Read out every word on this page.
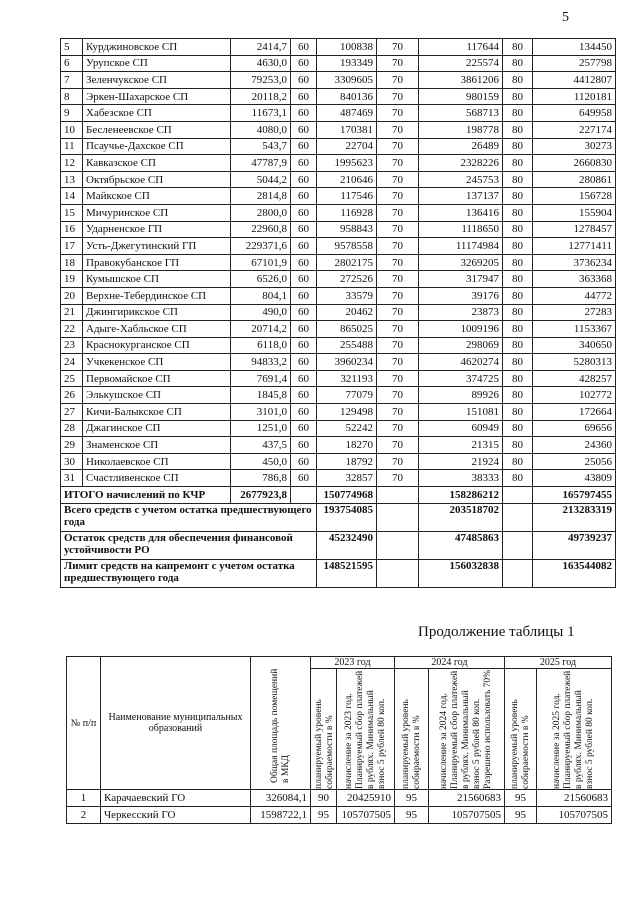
5
5	Курджиновское СП	2414,7	60	100838	70	117644	80	134450
6	Урупское СП	4630,0	60	193349	70	225574	80	257798
7	Зеленчукское СП	79253,0	60	3309605	70	3861206	80	4412807
8	Эркен-Шахарское СП	20118,2	60	840136	70	980159	80	1120181
9	Хабезское СП	11673,1	60	487469	70	568713	80	649958
10	Бесленеевское СП	4080,0	60	170381	70	198778	80	227174
11	Псаучье-Дахское СП	543,7	60	22704	70	26489	80	30273
12	Кавказское СП	47787,9	60	1995623	70	2328226	80	2660830
13	Октябрьское СП	5044,2	60	210646	70	245753	80	280861
14	Майкское СП	2814,8	60	117546	70	137137	80	156728
15	Мичуринское СП	2800,0	60	116928	70	136416	80	155904
16	Ударненское ГП	22960,8	60	958843	70	1118650	80	1278457
17	Усть-Джегутинский ГП	229371,6	60	9578558	70	11174984	80	12771411
18	Правокубанское ГП	67101,9	60	2802175	70	3269205	80	3736234
19	Кумышское СП	6526,0	60	272526	70	317947	80	363368
20	Верхне-Тебердинское СП	804,1	60	33579	70	39176	80	44772
21	Джингирикское СП	490,0	60	20462	70	23873	80	27283
22	Адыге-Хабльское СП	20714,2	60	865025	70	1009196	80	1153367
23	Краснокурганское СП	6118,0	60	255488	70	298069	80	340650
24	Учкекенское СП	94833,2	60	3960234	70	4620274	80	5280313
25	Первомайское СП	7691,4	60	321193	70	374725	80	428257
26	Элькушское СП	1845,8	60	77079	70	89926	80	102772
27	Кичи-Балыкское СП	3101,0	60	129498	70	151081	80	172664
28	Джагинское СП	1251,0	60	52242	70	60949	80	69656
29	Знаменское СП	437,5	60	18270	70	21315	80	24360
30	Николаевское СП	450,0	60	18792	70	21924	80	25056
31	Счастливенское СП	786,8	60	32857	70	38333	80	43809
ИТОГО начислений по КЧР		2677923,8		150774968		158286212		165797455
Всего средств с учетом остатка предшествующего года				193754085		203518702		213283319
Остаток средств для обеспечения финансовой устойчивости РО				45232490		47485863		49739237
Лимит средств на капремонт с учетом остатка предшествующего года				148521595		156032838		163544082
Продолжение таблицы 1
№ п/п	Наименование муниципальных образований	Общая площадь помещений в МКД	2023 год		2024 год		2025 год	

			планируемый уровень собираемости в %	начисление за 2023 год. Планируемый сбор платежей в рублях. Минимальный взнос 5 рублей 80 коп.	планируемый уровень собираемости в %	начисление за 2024 год. Планируемый сбор платежей в рублях. Минимальный взнос 5 рублей 80 коп. Разрешено использовать 70%	планируемый уровень собираемости в %	начисление за 2025 год. Планируемый сбор платежей в рублях. Минимальный взнос 5 рублей 80 коп.

1	Карачаевский ГО	326084,1	90	20425910	95	21560683	95	21560683
2	Черкесский ГО	1598722,1	95	105707505	95	105707505	95	105707505
